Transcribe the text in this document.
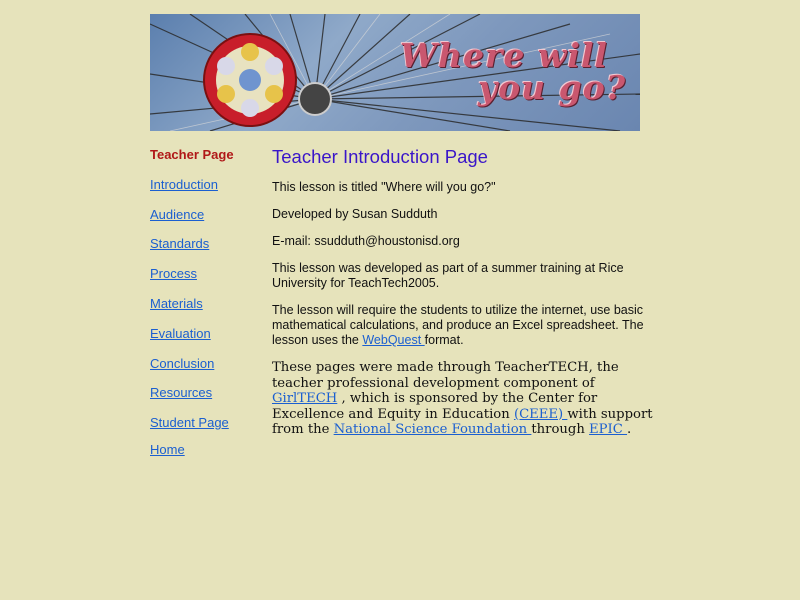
Where will
you go?
Teacher Page
Introduction
Audience
Standards
Process
Materials
Evaluation
Conclusion
Resources
Student Page
Home
Teacher Introduction Page

This lesson is titled "Where will you go?"

Developed by Susan Sudduth

E-mail: ssudduth@houstonisd.org

This lesson was developed as part of a summer training at Rice University for TeachTech2005.

The lesson will require the students to utilize the internet, use basic mathematical calculations, and produce an Excel spreadsheet. The lesson uses the WebQuest format.

These pages were made through TeacherTECH, the teacher professional development component of GirlTECH , which is sponsored by the Center for Excellence and Equity in Education (CEEE) with support from the National Science Foundation through EPIC .
